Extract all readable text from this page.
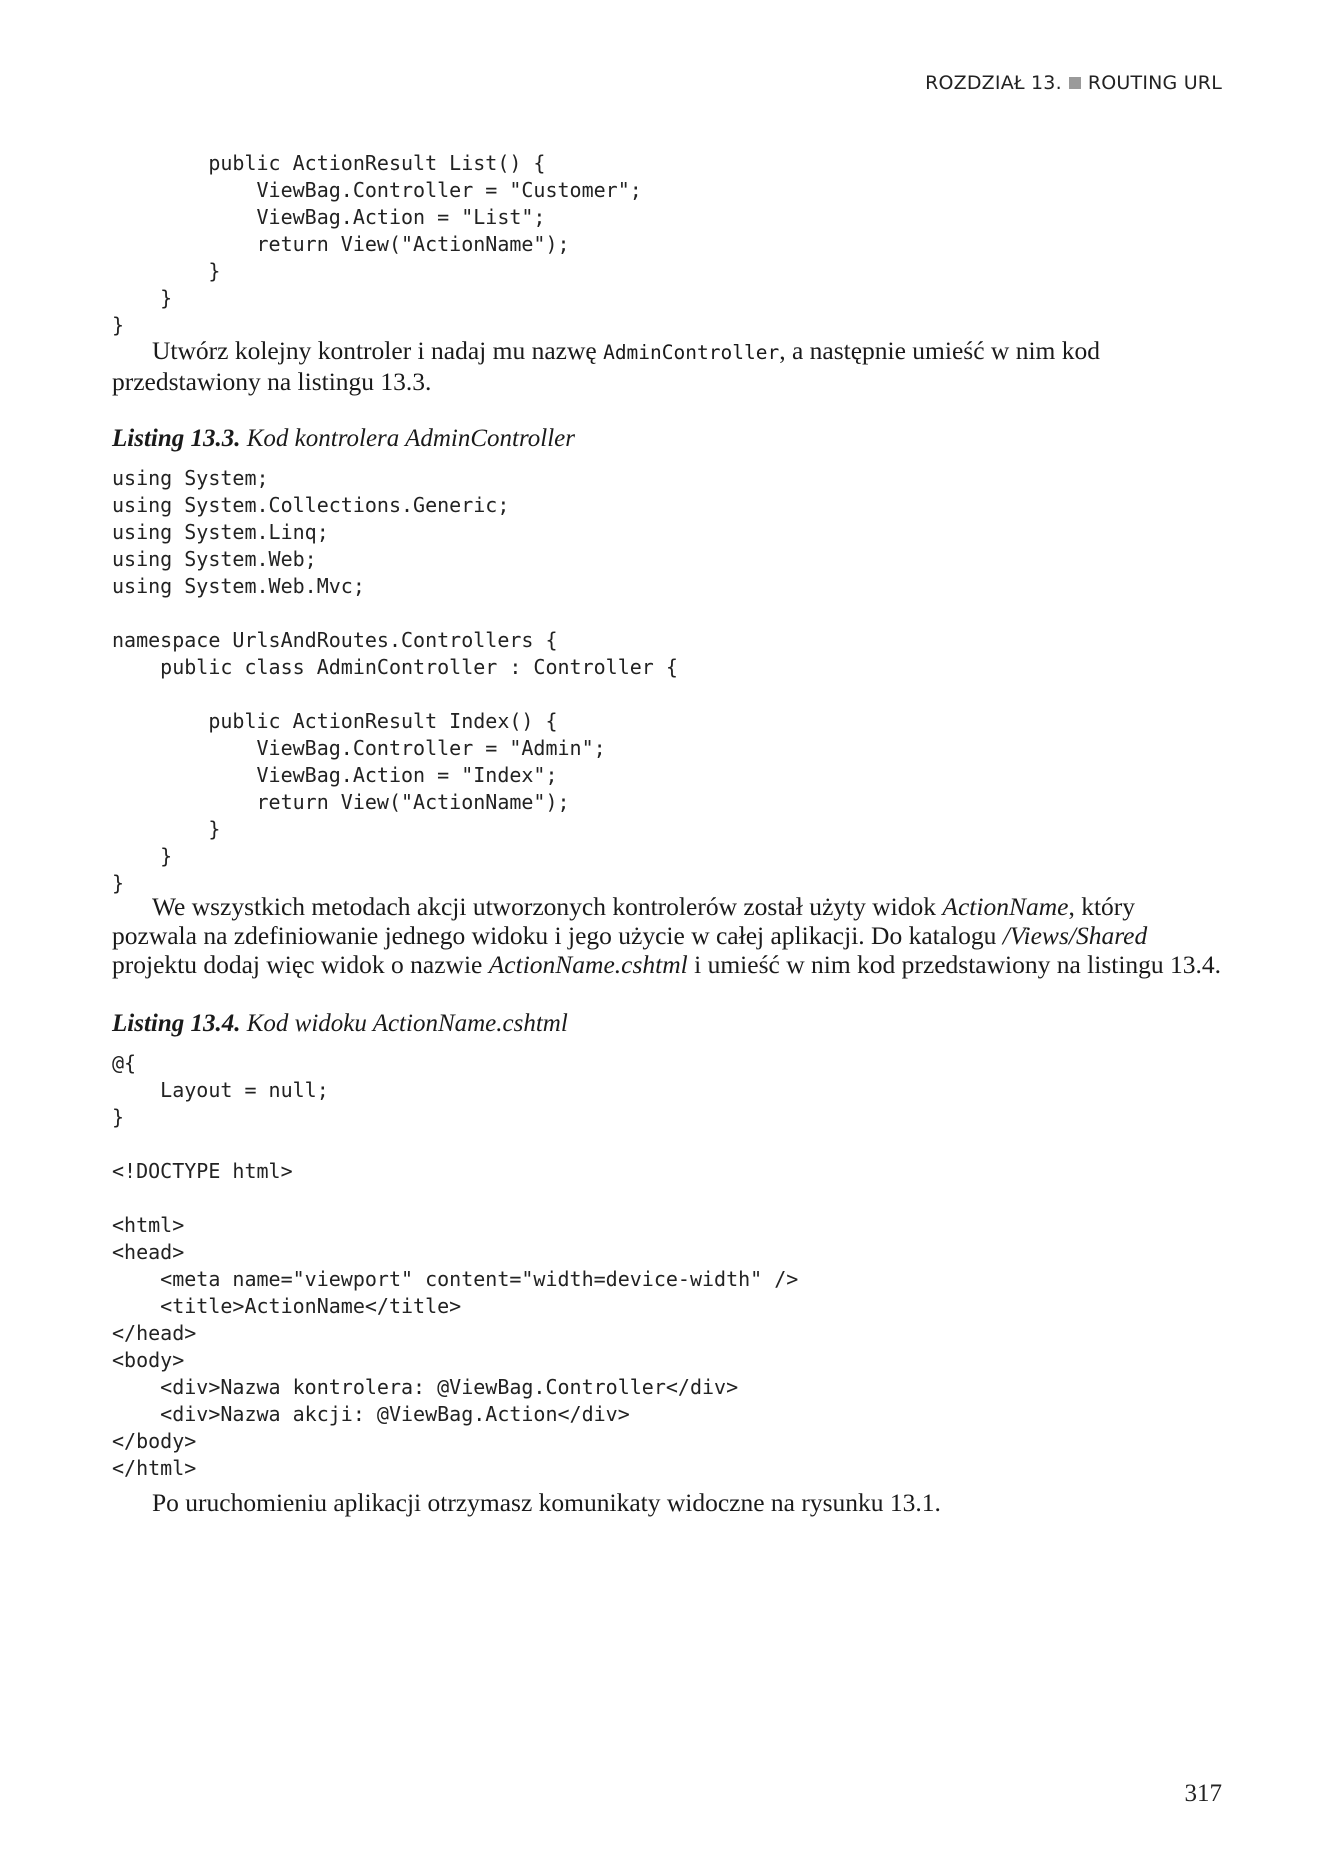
ROZDZIAŁ 13. ROUTING URL
public ActionResult List() {
ViewBag.Controller = "Customer";
ViewBag.Action = "List";
return View("ActionName");
}
}
}

Utwórz kolejny kontroler i nadaj mu nazwę AdminController, a następnie umieść w nim kod przedstawiony na listingu 13.3.

Listing 13.3. Kod kontrolera AdminController

using System;
using System.Collections.Generic;
using System.Linq;
using System.Web;
using System.Web.Mvc;

namespace UrlsAndRoutes.Controllers {
public class AdminController : Controller {

public ActionResult Index() {
ViewBag.Controller = "Admin";
ViewBag.Action = "Index";
return View("ActionName");
}
}
}

We wszystkich metodach akcji utworzonych kontrolerów został użyty widok ActionName, który pozwala na zdefiniowanie jednego widoku i jego użycie w całej aplikacji. Do katalogu /Views/Shared projektu dodaj więc widok o nazwie ActionName.cshtml i umieść w nim kod przedstawiony na listingu 13.4.

Listing 13.4. Kod widoku ActionName.cshtml

@{
Layout = null;
}

<!DOCTYPE html>

<html>
<head>
<meta name="viewport" content="width=device-width" />
<title>ActionName</title>
</head>
<body>
<div>Nazwa kontrolera: @ViewBag.Controller</div>
<div>Nazwa akcji: @ViewBag.Action</div>
</body>
</html>

Po uruchomieniu aplikacji otrzymasz komunikaty widoczne na rysunku 13.1.

317
